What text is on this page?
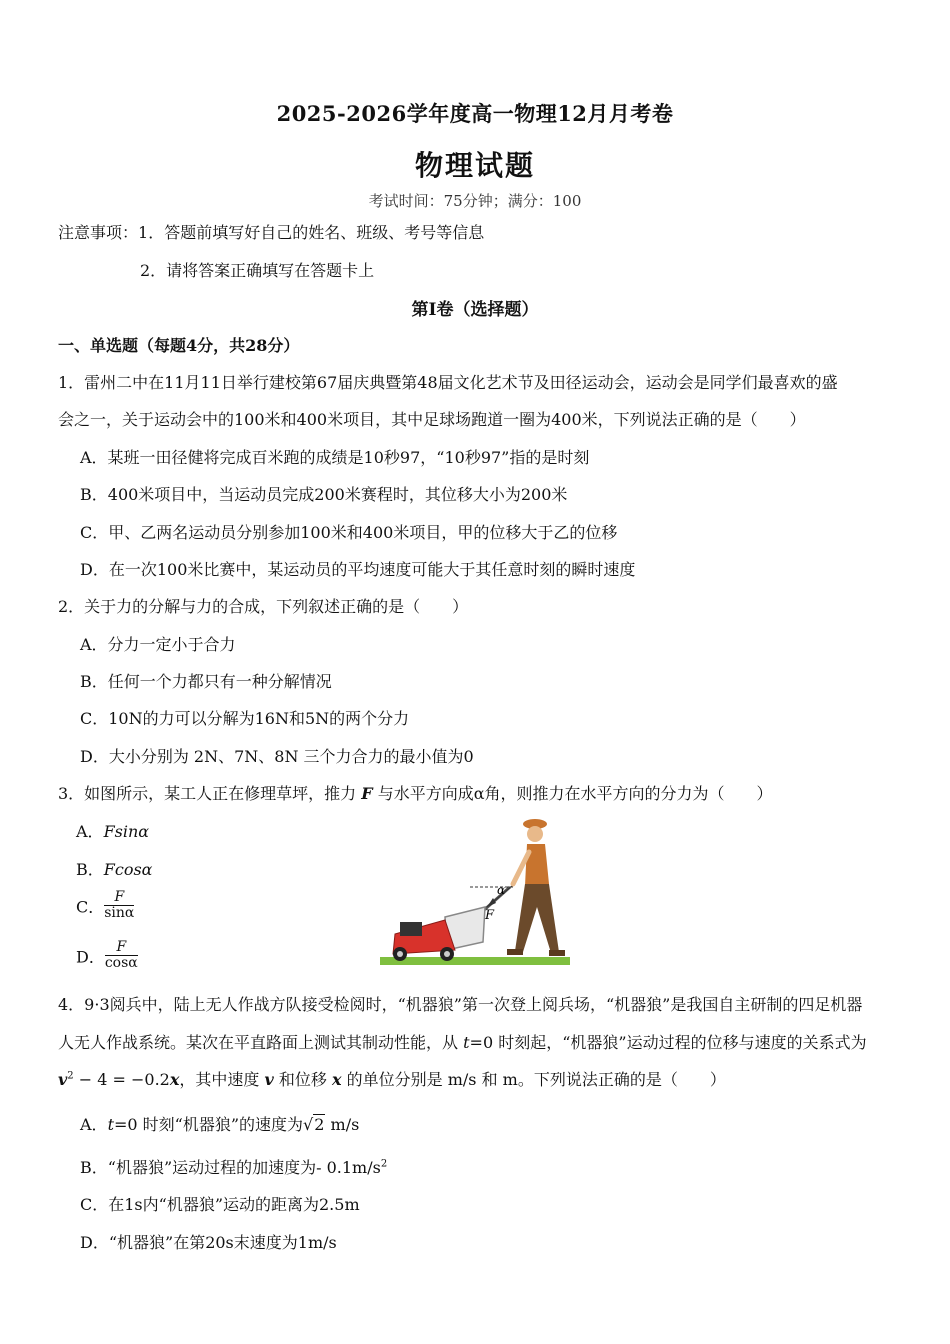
2025-2026学年度高一物理12月月考卷
物理试题
考试时间：75分钟；满分：100
注意事项：1．答题前填写好自己的姓名、班级、考号等信息
2．请将答案正确填写在答题卡上
第I卷（选择题）
一、单选题（每题4分，共28分）
1．雷州二中在11月11日举行建校第67届庆典暨第48届文化艺术节及田径运动会，运动会是同学们最喜欢的盛
会之一，关于运动会中的100米和400米项目，其中足球场跑道一圈为400米，下列说法正确的是（　　）
A．某班一田径健将完成百米跑的成绩是10秒97，“10秒97”指的是时刻
B．400米项目中，当运动员完成200米赛程时，其位移大小为200米
C．甲、乙两名运动员分别参加100米和400米项目，甲的位移大于乙的位移
D．在一次100米比赛中，某运动员的平均速度可能大于其任意时刻的瞬时速度
2．关于力的分解与力的合成，下列叙述正确的是（　　）
A．分力一定小于合力
B．任何一个力都只有一种分解情况
C．10N的力可以分解为16N和5N的两个分力
D．大小分别为 2N、7N、8N 三个力合力的最小值为0
3．如图所示，某工人正在修理草坪，推力 F 与水平方向成α角，则推力在水平方向的分力为（　　）
A．Fsinα
B．Fcosα
C． $\frac{F}{\sin\alpha}$
D． $\frac{F}{\cos\alpha}$
α
F
4．9·3阅兵中，陆上无人作战方队接受检阅时，“机器狼”第一次登上阅兵场，“机器狼”是我国自主研制的四足机器
人无人作战系统。某次在平直路面上测试其制动性能，从 t=0 时刻起，“机器狼”运动过程的位移与速度的关系式为
$v^2 - 4 = -0.2x$，其中速度 v 和位移 x 的单位分别是 m/s 和 m。下列说法正确的是（　　）
A．t=0 时刻“机器狼”的速度为√2 m/s
B．“机器狼”运动过程的加速度为- $0.1m/s^2$
C．在1s内“机器狼”运动的距离为2.5m
D．“机器狼”在第20s末速度为1m/s
